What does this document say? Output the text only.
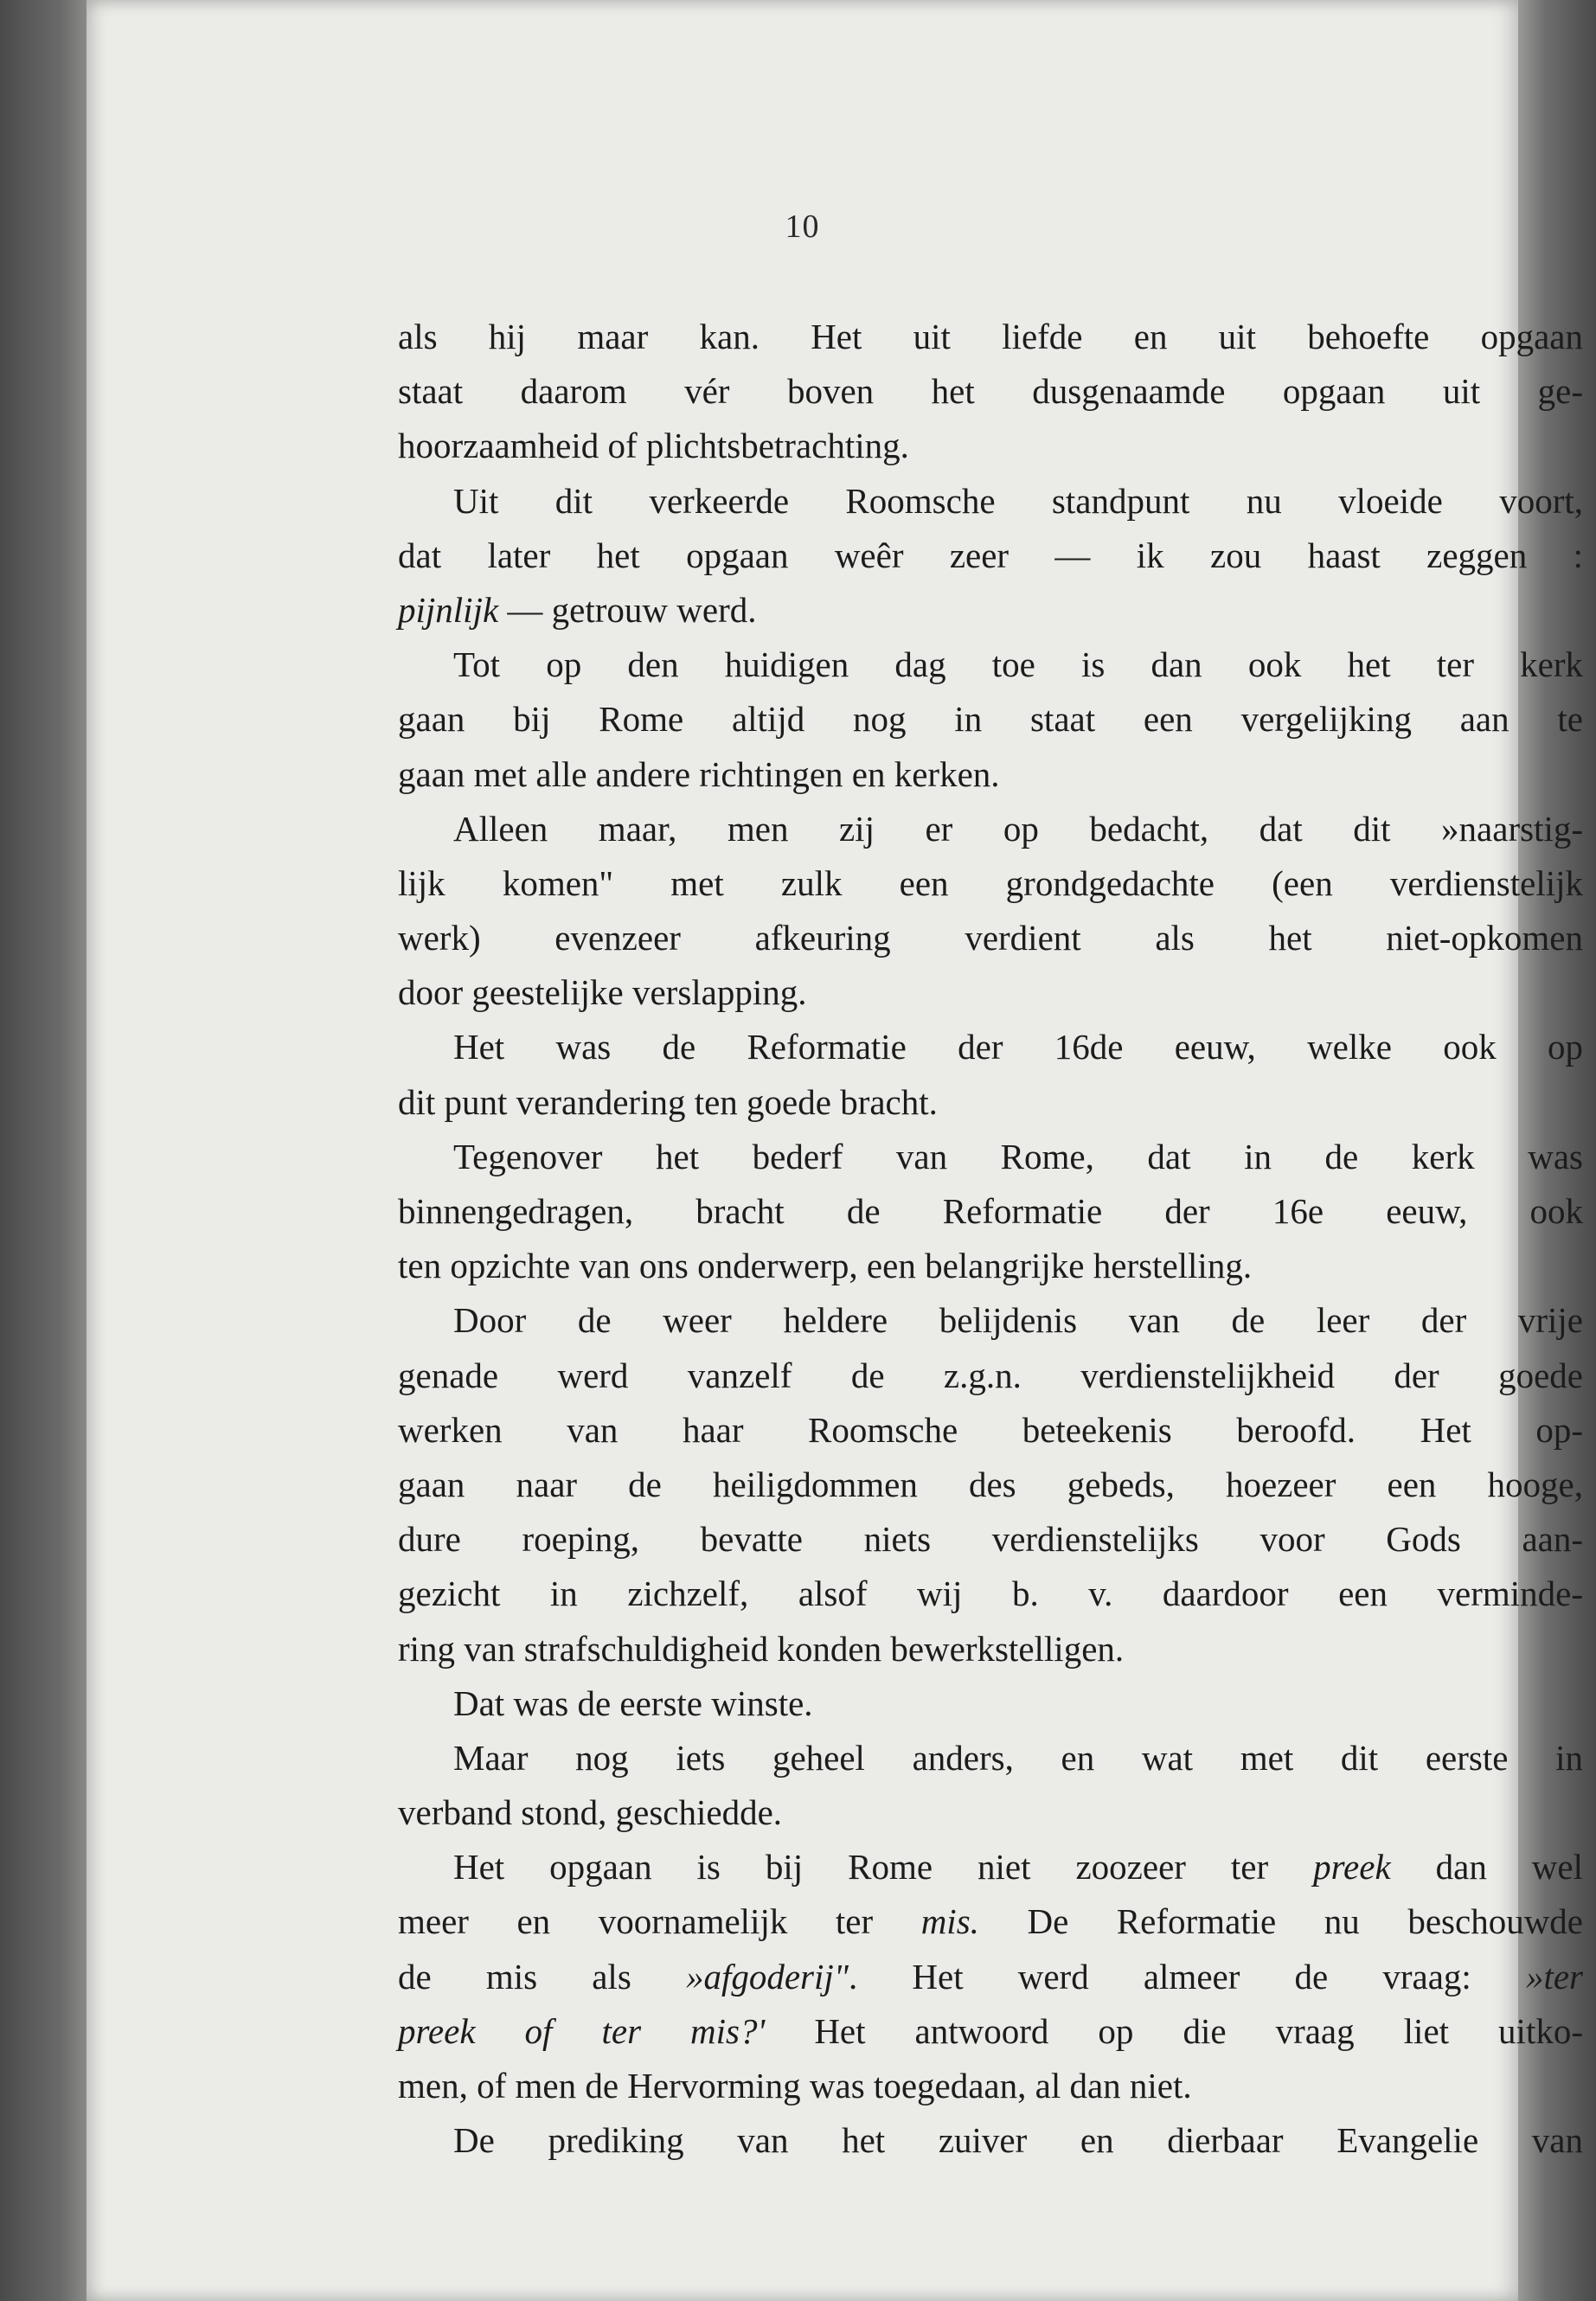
10
als hij maar kan. Het uit liefde en uit behoefte opgaan
staat daarom vér boven het dusgenaamde opgaan uit ge-
hoorzaamheid of plichtsbetrachting.
Uit dit verkeerde Roomsche standpunt nu vloeide voort,
dat later het opgaan weêr zeer — ik zou haast zeggen :
pijnlijk — getrouw werd.
Tot op den huidigen dag toe is dan ook het ter kerk
gaan bij Rome altijd nog in staat een vergelijking aan te
gaan met alle andere richtingen en kerken.
Alleen maar, men zij er op bedacht, dat dit »naarstig-
lijk komen" met zulk een grondgedachte (een verdienstelijk
werk) evenzeer afkeuring verdient als het niet-opkomen
door geestelijke verslapping.
Het was de Reformatie der 16de eeuw, welke ook op
dit punt verandering ten goede bracht.
Tegenover het bederf van Rome, dat in de kerk was
binnengedragen, bracht de Reformatie der 16e eeuw, ook
ten opzichte van ons onderwerp, een belangrijke herstelling.
Door de weer heldere belijdenis van de leer der vrije
genade werd vanzelf de z.g.n. verdienstelijkheid der goede
werken van haar Roomsche beteekenis beroofd. Het op-
gaan naar de heiligdommen des gebeds, hoezeer een hooge,
dure roeping, bevatte niets verdienstelijks voor Gods aan-
gezicht in zichzelf, alsof wij b. v. daardoor een verminde-
ring van strafschuldigheid konden bewerkstelligen.
Dat was de eerste winste.
Maar nog iets geheel anders, en wat met dit eerste in
verband stond, geschiedde.
Het opgaan is bij Rome niet zoozeer ter preek dan wel
meer en voornamelijk ter mis. De Reformatie nu beschouwde
de mis als »afgoderij". Het werd almeer de vraag: »ter
preek of ter mis?' Het antwoord op die vraag liet uitko-
men, of men de Hervorming was toegedaan, al dan niet.
De prediking van het zuiver en dierbaar Evangelie van
